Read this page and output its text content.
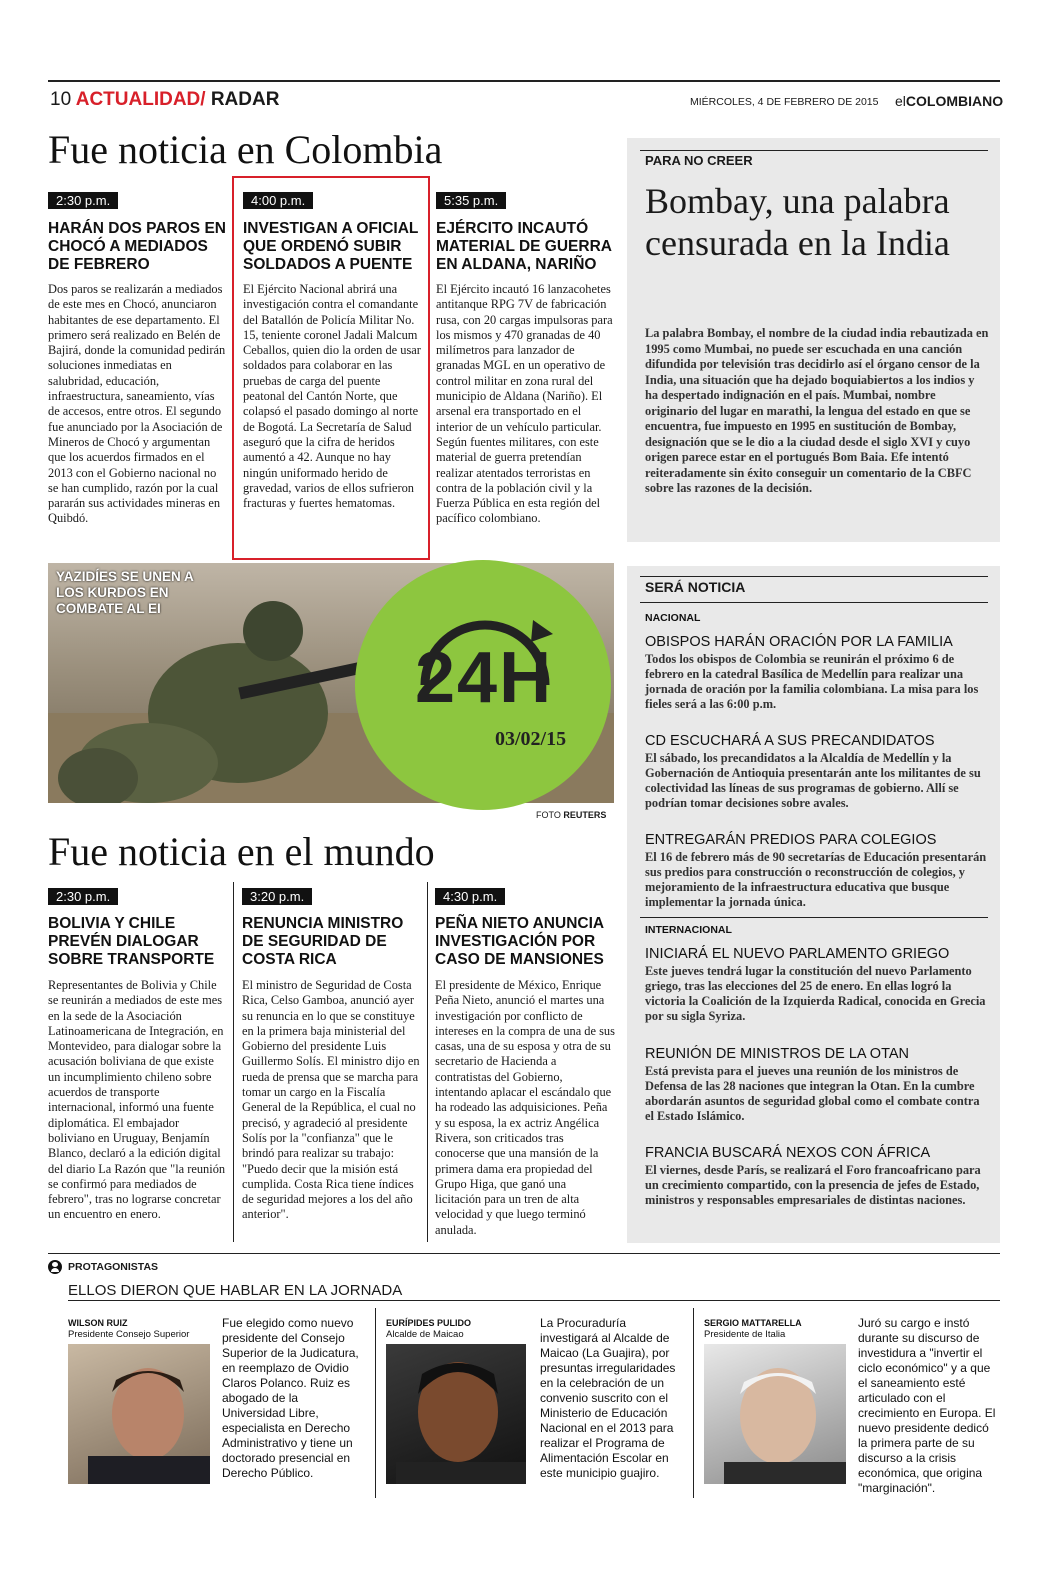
10 ACTUALIDAD/ RADAR	MIÉRCOLES, 4 DE FEBRERO DE 2015 elCOLOMBIANO
Fue noticia en Colombia
2:30 p.m.
HARÁN DOS PAROS EN CHOCÓ A MEDIADOS DE FEBRERO
Dos paros se realizarán a mediados de este mes en Chocó, anunciaron habitantes de ese departamento. El primero será realizado en Belén de Bajirá, donde la comunidad pedirán soluciones inmediatas en salubridad, educación, infraestructura, saneamiento, vías de accesos, entre otros. El segundo fue anunciado por la Asociación de Mineros de Chocó y argumentan que los acuerdos firmados en el 2013 con el Gobierno nacional no se han cumplido, razón por la cual pararán sus actividades mineras en Quibdó.
4:00 p.m.
INVESTIGAN A OFICIAL QUE ORDENÓ SUBIR SOLDADOS A PUENTE
El Ejército Nacional abrirá una investigación contra el comandante del Batallón de Policía Militar No. 15, teniente coronel Jadali Malcum Ceballos, quien dio la orden de usar soldados para colaborar en las pruebas de carga del puente peatonal del Cantón Norte, que colapsó el pasado domingo al norte de Bogotá. La Secretaría de Salud aseguró que la cifra de heridos aumentó a 42. Aunque no hay ningún uniformado herido de gravedad, varios de ellos sufrieron fracturas y fuertes hematomas.
5:35 p.m.
EJÉRCITO INCAUTÓ MATERIAL DE GUERRA EN ALDANA, NARIÑO
El Ejército incautó 16 lanzacohetes antitanque RPG 7V de fabricación rusa, con 20 cargas impulsoras para los mismos y 470 granadas de 40 milímetros para lanzador de granadas MGL en un operativo de control militar en zona rural del municipio de Aldana (Nariño). El arsenal era transportado en el interior de un vehículo particular. Según fuentes militares, con este material de guerra pretendían realizar atentados terroristas en contra de la población civil y la Fuerza Pública en esta región del pacífico colombiano.
PARA NO CREER
Bombay, una palabra censurada en la India
La palabra Bombay, el nombre de la ciudad india rebautizada en 1995 como Mumbai, no puede ser escuchada en una canción difundida por televisión tras decidirlo así el órgano censor de la India, una situación que ha dejado boquiabiertos a los indios y ha despertado indignación en el país. Mumbai, nombre originario del lugar en marathi, la lengua del estado en que se encuentra, fue impuesto en 1995 en sustitución de Bombay, designación que se le dio a la ciudad desde el siglo XVI y cuyo origen parece estar en el portugués Bom Baia. Efe intentó reiteradamente sin éxito conseguir un comentario de la CBFC sobre las razones de la decisión.
YAZIDÍES SE UNEN A LOS KURDOS EN COMBATE AL EI
24H
03/02/15
FOTO REUTERS
SERÁ NOTICIA
NACIONAL
OBISPOS HARÁN ORACIÓN POR LA FAMILIA
Todos los obispos de Colombia se reunirán el próximo 6 de febrero en la catedral Basílica de Medellín para realizar una jornada de oración por la familia colombiana. La misa para los fieles será a las 6:00 p.m.
CD ESCUCHARÁ A SUS PRECANDIDATOS
El sábado, los precandidatos a la Alcaldía de Medellín y la Gobernación de Antioquia presentarán ante los militantes de su colectividad las líneas de sus programas de gobierno. Allí se podrían tomar decisiones sobre avales.
ENTREGARÁN PREDIOS PARA COLEGIOS
El 16 de febrero más de 90 secretarías de Educación presentarán sus predios para construcción o reconstrucción de colegios, y mejoramiento de la infraestructura educativa que busque implementar la jornada única.
INTERNACIONAL
INICIARÁ EL NUEVO PARLAMENTO GRIEGO
Este jueves tendrá lugar la constitución del nuevo Parlamento griego, tras las elecciones del 25 de enero. En ellas logró la victoria la Coalición de la Izquierda Radical, conocida en Grecia por su sigla Syriza.
REUNIÓN DE MINISTROS DE LA OTAN
Está prevista para el jueves una reunión de los ministros de Defensa de las 28 naciones que integran la Otan. En la cumbre abordarán asuntos de seguridad global como el combate contra el Estado Islámico.
FRANCIA BUSCARÁ NEXOS CON ÁFRICA
El viernes, desde París, se realizará el Foro francoafricano para un crecimiento compartido, con la presencia de jefes de Estado, ministros y responsables empresariales de distintas naciones.
Fue noticia en el mundo
2:30 p.m.
BOLIVIA Y CHILE PREVÉN DIALOGAR SOBRE TRANSPORTE
Representantes de Bolivia y Chile se reunirán a mediados de este mes en la sede de la Asociación Latinoamericana de Integración, en Montevideo, para dialogar sobre la acusación boliviana de que existe un incumplimiento chileno sobre acuerdos de transporte internacional, informó una fuente diplomática. El embajador boliviano en Uruguay, Benjamín Blanco, declaró a la edición digital del diario La Razón que "la reunión se confirmó para mediados de febrero", tras no lograrse concretar un encuentro en enero.
3:20 p.m.
RENUNCIA MINISTRO DE SEGURIDAD DE COSTA RICA
El ministro de Seguridad de Costa Rica, Celso Gamboa, anunció ayer su renuncia en lo que se constituye en la primera baja ministerial del Gobierno del presidente Luis Guillermo Solís. El ministro dijo en rueda de prensa que se marcha para tomar un cargo en la Fiscalía General de la República, el cual no precisó, y agradeció al presidente Solís por la "confianza" que le brindó para realizar su trabajo: "Puedo decir que la misión está cumplida. Costa Rica tiene índices de seguridad mejores a los del año anterior".
4:30 p.m.
PEÑA NIETO ANUNCIA INVESTIGACIÓN POR CASO DE MANSIONES
El presidente de México, Enrique Peña Nieto, anunció el martes una investigación por conflicto de intereses en la compra de una de sus casas, una de su esposa y otra de su secretario de Hacienda a contratistas del Gobierno, intentando aplacar el escándalo que ha rodeado las adquisiciones. Peña y su esposa, la ex actriz Angélica Rivera, son criticados tras conocerse que una mansión de la primera dama era propiedad del Grupo Higa, que ganó una licitación para un tren de alta velocidad y que luego terminó anulada.
PROTAGONISTAS
ELLOS DIERON QUE HABLAR EN LA JORNADA
WILSON RUIZ
Presidente Consejo Superior
Fue elegido como nuevo presidente del Consejo Superior de la Judicatura, en reemplazo de Ovidio Claros Polanco. Ruiz es abogado de la Universidad Libre, especialista en Derecho Administrativo y tiene un doctorado presencial en Derecho Público.
EURÍPIDES PULIDO
Alcalde de Maicao
La Procuraduría investigará al Alcalde de Maicao (La Guajira), por presuntas irregularidades en la celebración de un convenio suscrito con el Ministerio de Educación Nacional en el 2013 para realizar el Programa de Alimentación Escolar en este municipio guajiro.
SERGIO MATTARELLA
Presidente de Italia
Juró su cargo e instó durante su discurso de investidura a "invertir el ciclo económico" y a que el saneamiento esté articulado con el crecimiento en Europa. El nuevo presidente dedicó la primera parte de su discurso a la crisis económica, que origina "marginación".
